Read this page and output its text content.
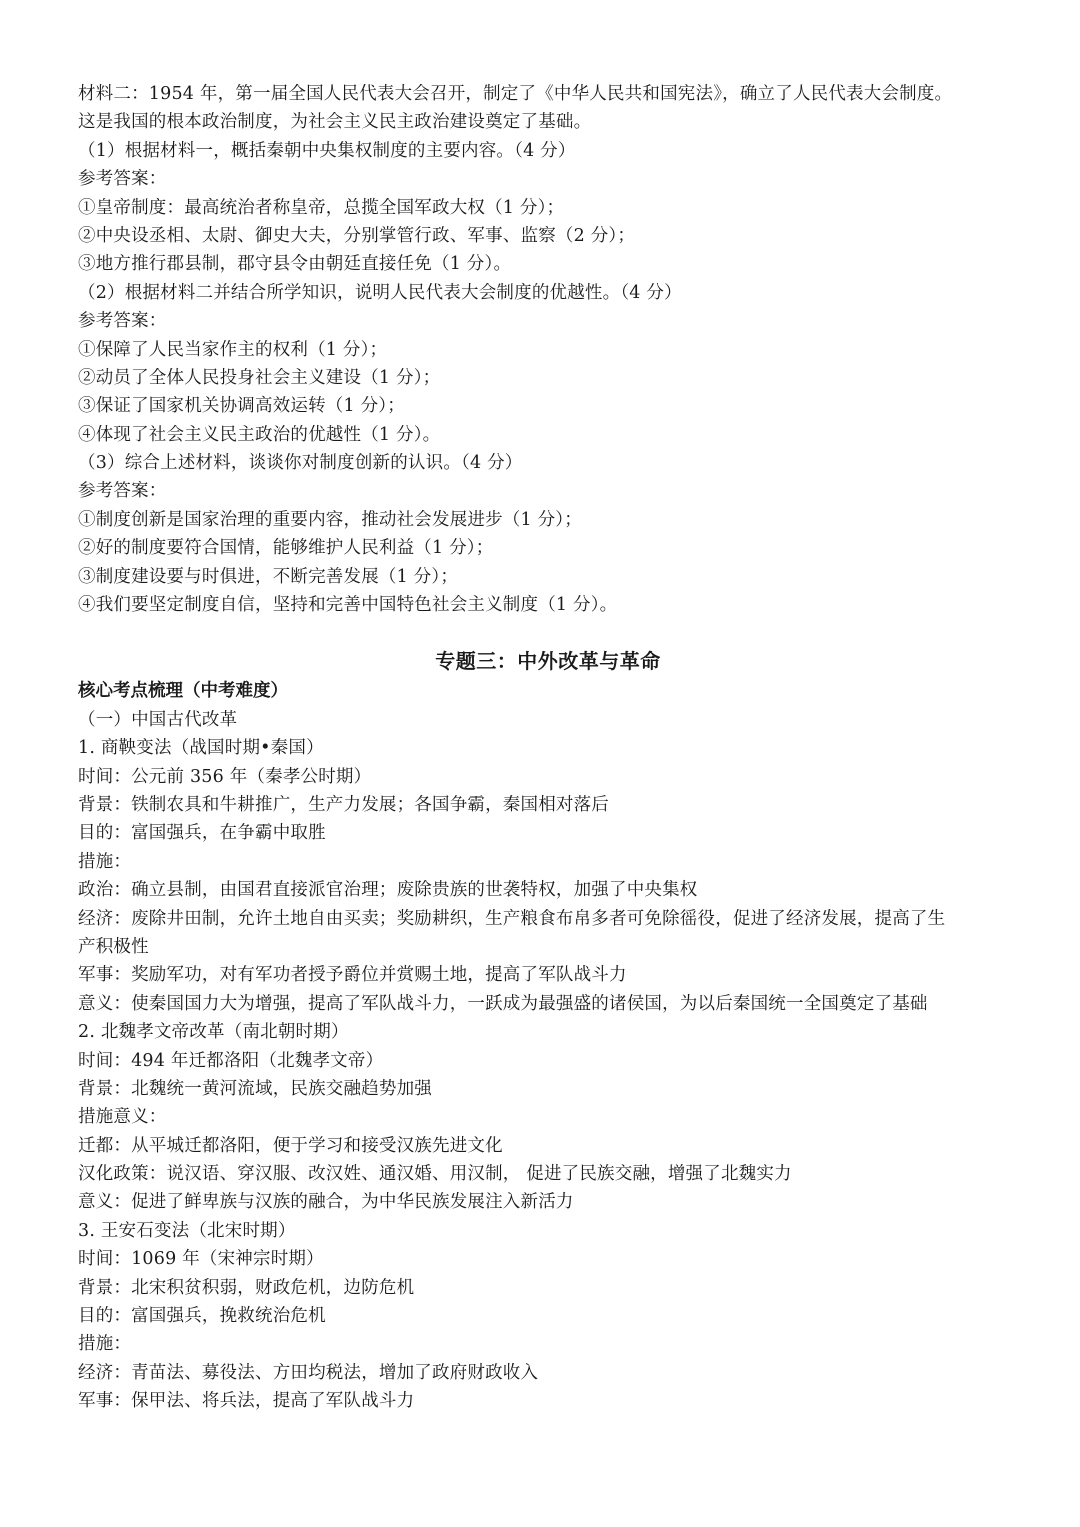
材料二：1954 年，第一届全国人民代表大会召开，制定了《中华人民共和国宪法》，确立了人民代表大会制度。
这是我国的根本政治制度，为社会主义民主政治建设奠定了基础。
（1）根据材料一，概括秦朝中央集权制度的主要内容。（4 分）
参考答案：
①皇帝制度：最高统治者称皇帝，总揽全国军政大权（1 分）；
②中央设丞相、太尉、御史大夫，分别掌管行政、军事、监察（2 分）；
③地方推行郡县制，郡守县令由朝廷直接任免（1 分）。
（2）根据材料二并结合所学知识，说明人民代表大会制度的优越性。（4 分）
参考答案：
①保障了人民当家作主的权利（1 分）；
②动员了全体人民投身社会主义建设（1 分）；
③保证了国家机关协调高效运转（1 分）；
④体现了社会主义民主政治的优越性（1 分）。
（3）综合上述材料，谈谈你对制度创新的认识。（4 分）
参考答案：
①制度创新是国家治理的重要内容，推动社会发展进步（1 分）；
②好的制度要符合国情，能够维护人民利益（1 分）；
③制度建设要与时俱进，不断完善发展（1 分）；
④我们要坚定制度自信，坚持和完善中国特色社会主义制度（1 分）。
专题三：中外改革与革命
核心考点梳理（中考难度）
（一）中国古代改革
1. 商鞅变法（战国时期•秦国）
时间：公元前 356 年（秦孝公时期）
背景：铁制农具和牛耕推广，生产力发展；各国争霸，秦国相对落后
目的：富国强兵，在争霸中取胜
措施：
政治：确立县制，由国君直接派官治理；废除贵族的世袭特权，加强了中央集权
经济：废除井田制，允许土地自由买卖；奖励耕织，生产粮食布帛多者可免除徭役，促进了经济发展，提高了生
产积极性
军事：奖励军功，对有军功者授予爵位并赏赐土地，提高了军队战斗力
意义：使秦国国力大为增强，提高了军队战斗力，一跃成为最强盛的诸侯国，为以后秦国统一全国奠定了基础
2. 北魏孝文帝改革（南北朝时期）
时间：494 年迁都洛阳（北魏孝文帝）
背景：北魏统一黄河流域，民族交融趋势加强
措施意义：
迁都：从平城迁都洛阳，便于学习和接受汉族先进文化
汉化政策：说汉语、穿汉服、改汉姓、通汉婚、用汉制， 促进了民族交融，增强了北魏实力
意义：促进了鲜卑族与汉族的融合，为中华民族发展注入新活力
3. 王安石变法（北宋时期）
时间：1069 年（宋神宗时期）
背景：北宋积贫积弱，财政危机，边防危机
目的：富国强兵，挽救统治危机
措施：
经济：青苗法、募役法、方田均税法，增加了政府财政收入
军事：保甲法、将兵法，提高了军队战斗力
